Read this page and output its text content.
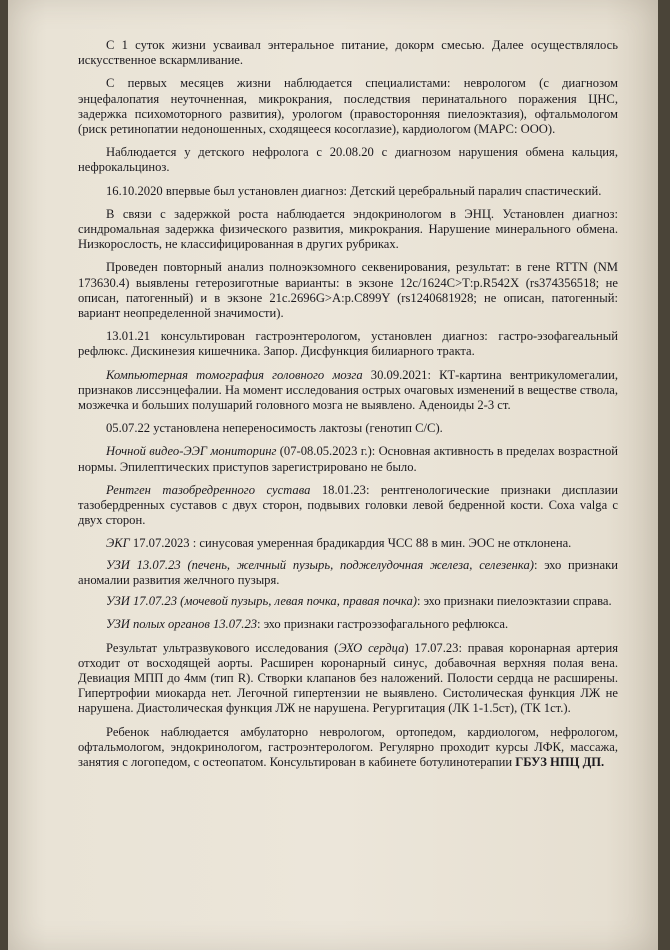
С 1 суток жизни усваивал энтеральное питание, докорм смесью. Далее осуществлялось искусственное вскармливание.

С первых месяцев жизни наблюдается специалистами: неврологом (с диагнозом энцефалопатия неуточненная, микрокрания, последствия перинатального поражения ЦНС, задержка психомоторного развития), урологом (правосторонняя пиелоэктазия), офтальмологом (риск ретинопатии недоношенных, сходящееся косоглазие), кардиологом (МАРС: ООО).

Наблюдается у детского нефролога с 20.08.20 с диагнозом нарушения обмена кальция, нефрокальциноз.

16.10.2020 впервые был установлен диагноз: Детский церебральный паралич спастический.

В связи с задержкой роста наблюдается эндокринологом в ЭНЦ. Установлен диагноз: синдромальная задержка физического развития, микрокрания. Нарушение минерального обмена. Низкорослость, не классифицированная в других рубриках.

Проведен повторный анализ полноэкзомного секвенирования, результат: в гене RTTN (NM 173630.4) выявлены гетерозиготные варианты: в экзоне 12с/1624С>Т:р.R542Х (rs374356518; не описан, патогенный) и в экзоне 21с.2696G>А:р.С899Y (rs1240681928; не описан, патогенный: вариант неопределенной значимости).

13.01.21 консультирован гастроэнтерологом, установлен диагноз: гастро-эзофагеальный рефлюкс. Дискинезия кишечника. Запор. Дисфункция билиарного тракта.

Компьютерная томография головного мозга 30.09.2021: КТ-картина вентрикуломегалии, признаков лиссэнцефалии. На момент исследования острых очаговых изменений в веществе ствола, мозжечка и больших полушарий головного мозга не выявлено. Аденоиды 2-3 ст.

05.07.22 установлена непереносимость лактозы (генотип С/С).

Ночной видео-ЭЭГ мониторинг (07-08.05.2023 г.): Основная активность в пределах возрастной нормы. Эпилептических приступов зарегистрировано не было.

Рентген тазобредренного сустава 18.01.23: рентгенологические признаки дисплазии тазобердренных суставов с двух сторон, подвывих головки левой бедренной кости. Соха valga с двух сторон.

ЭКГ 17.07.2023 : синусовая умеренная брадикардия ЧСС 88 в мин. ЭОС не отклонена.

УЗИ 13.07.23 (печень, желчный пузырь, поджелудочная железа, селезенка): эхо признаки аномалии развития желчного пузыря.

УЗИ 17.07.23 (мочевой пузырь, левая почка, правая почка): эхо признаки пиелоэктазии справа.

УЗИ полых органов 13.07.23: эхо признаки гастроэзофагального рефлюкса.

Результат ультразвукового исследования (ЭХО сердца) 17.07.23: правая коронарная артерия отходит от восходящей аорты. Расширен коронарный синус, добавочная верхняя полая вена. Девиация МПП до 4мм (тип R). Створки клапанов без наложений. Полости сердца не расширены. Гипертрофии миокарда нет. Легочной гипертензии не выявлено. Систолическая функция ЛЖ не нарушена. Диастолическая функция ЛЖ не нарушена. Регургитация (ЛК 1-1.5ст), (ТК 1ст.).

Ребенок наблюдается амбулаторно неврологом, ортопедом, кардиологом, нефрологом, офтальмологом, эндокринологом, гастроэнтерологом. Регулярно проходит курсы ЛФК, массажа, занятия с логопедом, с остеопатом. Консультирован в кабинете ботулинотерапии ГБУЗ НПЦ ДП.
